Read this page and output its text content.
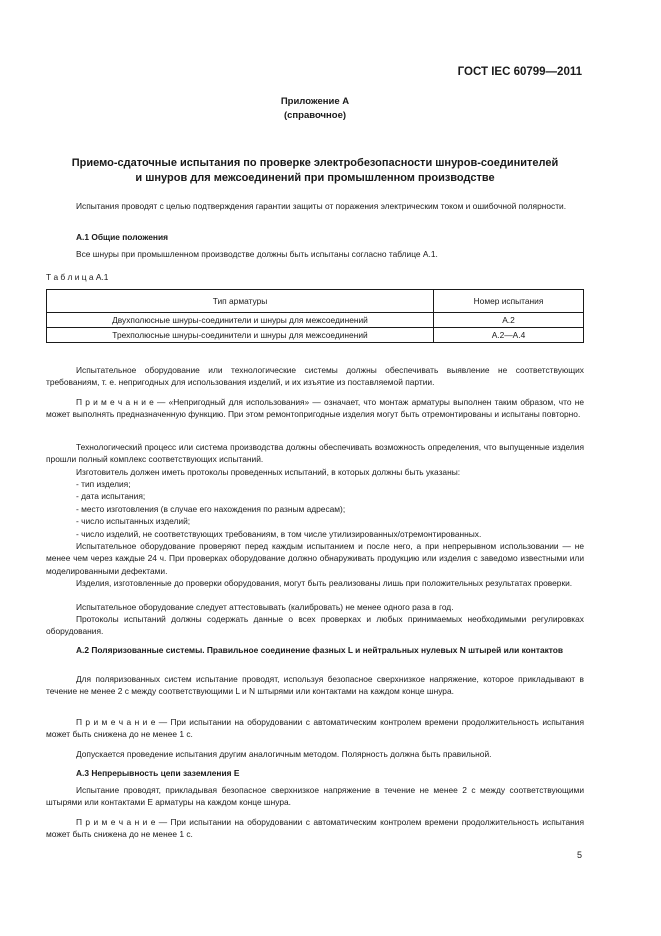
ГОСТ IEC 60799—2011
Приложение А
(справочное)
Приемо-сдаточные испытания по проверке электробезопасности шнуров-соединителей
и шнуров для межсоединений при промышленном производстве
Испытания проводят с целью подтверждения гарантии защиты от поражения электрическим током и ошибочной полярности.
А.1 Общие положения
Все шнуры при промышленном производстве должны быть испытаны согласно таблице А.1.
Т а б л и ц а А.1
Тип арматуры	Номер испытания
Двухполюсные шнуры-соединители и шнуры для межсоединений	А.2
Трехполюсные шнуры-соединители и шнуры для межсоединений	А.2—А.4
Испытательное оборудование или технологические системы должны обеспечивать выявление не соответствующих требованиям, т. е. непригодных для использования изделий, и их изъятие из поставляемой партии.
П р и м е ч а н и е — «Непригодный для использования» — означает, что монтаж арматуры выполнен таким образом, что не может выполнять предназначенную функцию. При этом ремонтопригодные изделия могут быть отремонтированы и испытаны повторно.
Технологический процесс или система производства должны обеспечивать возможность определения, что выпущенные изделия прошли полный комплекс соответствующих испытаний.
Изготовитель должен иметь протоколы проведенных испытаний, в которых должны быть указаны:
- тип изделия;
- дата испытания;
- место изготовления (в случае его нахождения по разным адресам);
- число испытанных изделий;
- число изделий, не соответствующих требованиям, в том числе утилизированных/отремонтированных.
Испытательное оборудование проверяют перед каждым испытанием и после него, а при непрерывном использовании — не менее чем через каждые 24 ч. При проверках оборудование должно обнаруживать продукцию или изделия с заведомо известными или моделированными дефектами.
Изделия, изготовленные до проверки оборудования, могут быть реализованы лишь при положительных результатах проверки.
Испытательное оборудование следует аттестовывать (калибровать) не менее одного раза в год.
Протоколы испытаний должны содержать данные о всех проверках и любых принимаемых необходимыми регулировках оборудования.
А.2 Поляризованные системы. Правильное соединение фазных L и нейтральных нулевых N штырей или контактов
Для поляризованных систем испытание проводят, используя безопасное сверхнизкое напряжение, которое прикладывают в течение не менее 2 с между соответствующими L и N штырями или контактами на каждом конце шнура.
П р и м е ч а н и е — При испытании на оборудовании с автоматическим контролем времени продолжительность испытания может быть снижена до не менее 1 с.
Допускается проведение испытания другим аналогичным методом. Полярность должна быть правильной.
А.3 Непрерывность цепи заземления Е
Испытание проводят, прикладывая безопасное сверхнизкое напряжение в течение не менее 2 с между соответствующими штырями или контактами Е арматуры на каждом конце шнура.
П р и м е ч а н и е — При испытании на оборудовании с автоматическим контролем времени продолжительность испытания может быть снижена до не менее 1 с.
5
